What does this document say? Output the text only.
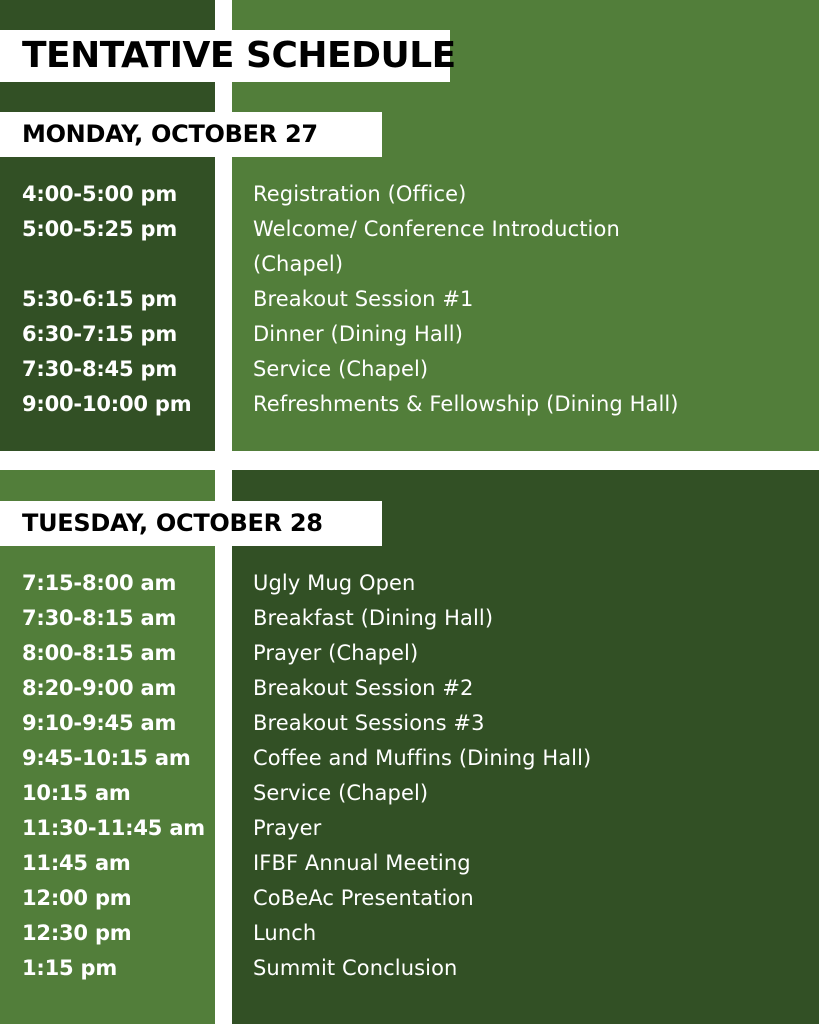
TENTATIVE SCHEDULE
MONDAY, OCTOBER 27
4:00-5:00 pm	Registration (Office)
5:00-5:25 pm	Welcome/ Conference Introduction (Chapel)
5:30-6:15 pm	Breakout Session #1
6:30-7:15 pm	Dinner (Dining Hall)
7:30-8:45 pm	Service (Chapel)
9:00-10:00 pm	Refreshments & Fellowship (Dining Hall)
TUESDAY, OCTOBER 28
7:15-8:00 am	Ugly Mug Open
7:30-8:15 am	Breakfast (Dining Hall)
8:00-8:15 am	Prayer (Chapel)
8:20-9:00 am	Breakout Session #2
9:10-9:45 am	Breakout Sessions #3
9:45-10:15 am	Coffee and Muffins (Dining Hall)
10:15 am	Service (Chapel)
11:30-11:45 am	Prayer
11:45 am	IFBF Annual Meeting
12:00 pm	CoBeAc Presentation
12:30 pm	Lunch
1:15 pm	Summit Conclusion
